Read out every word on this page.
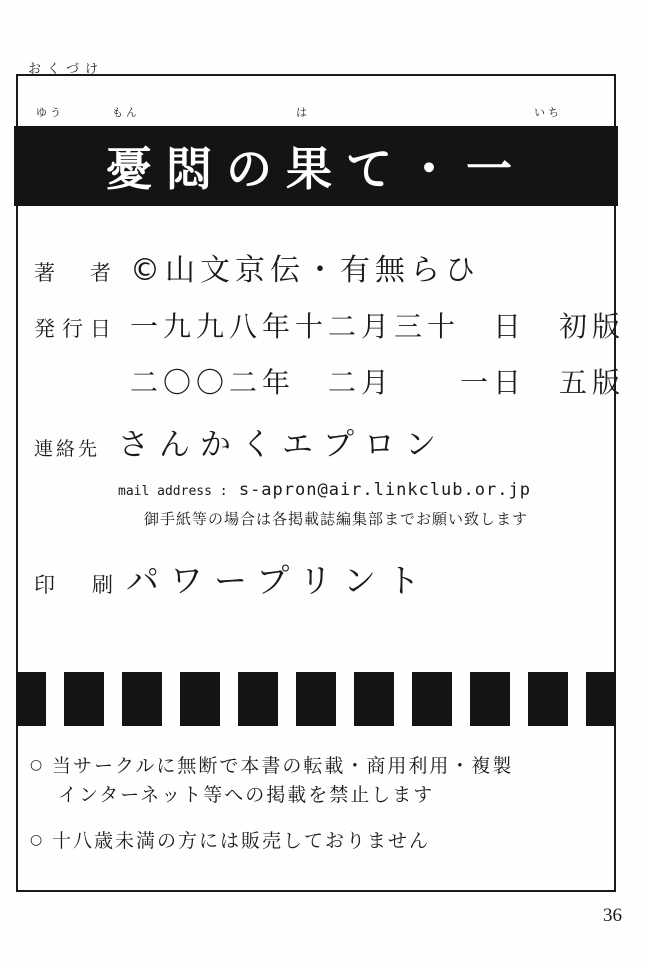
おくづけ
ゆう	もん	は	いち
憂悶の果て・一
著　者 ©山文京伝・有無らひ
発行日 一九九八年十二月三十　日　初版
二〇〇二年　二月　　一日　五版
連絡先 さんかくエプロン
mail address : s-apron@air.linkclub.or.jp
御手紙等の場合は各掲載誌編集部までお願い致します
印　刷 パワープリント
○ 当サークルに無断で本書の転載・商用利用・複製
インターネット等への掲載を禁止します
○ 十八歳未満の方には販売しておりません
36
